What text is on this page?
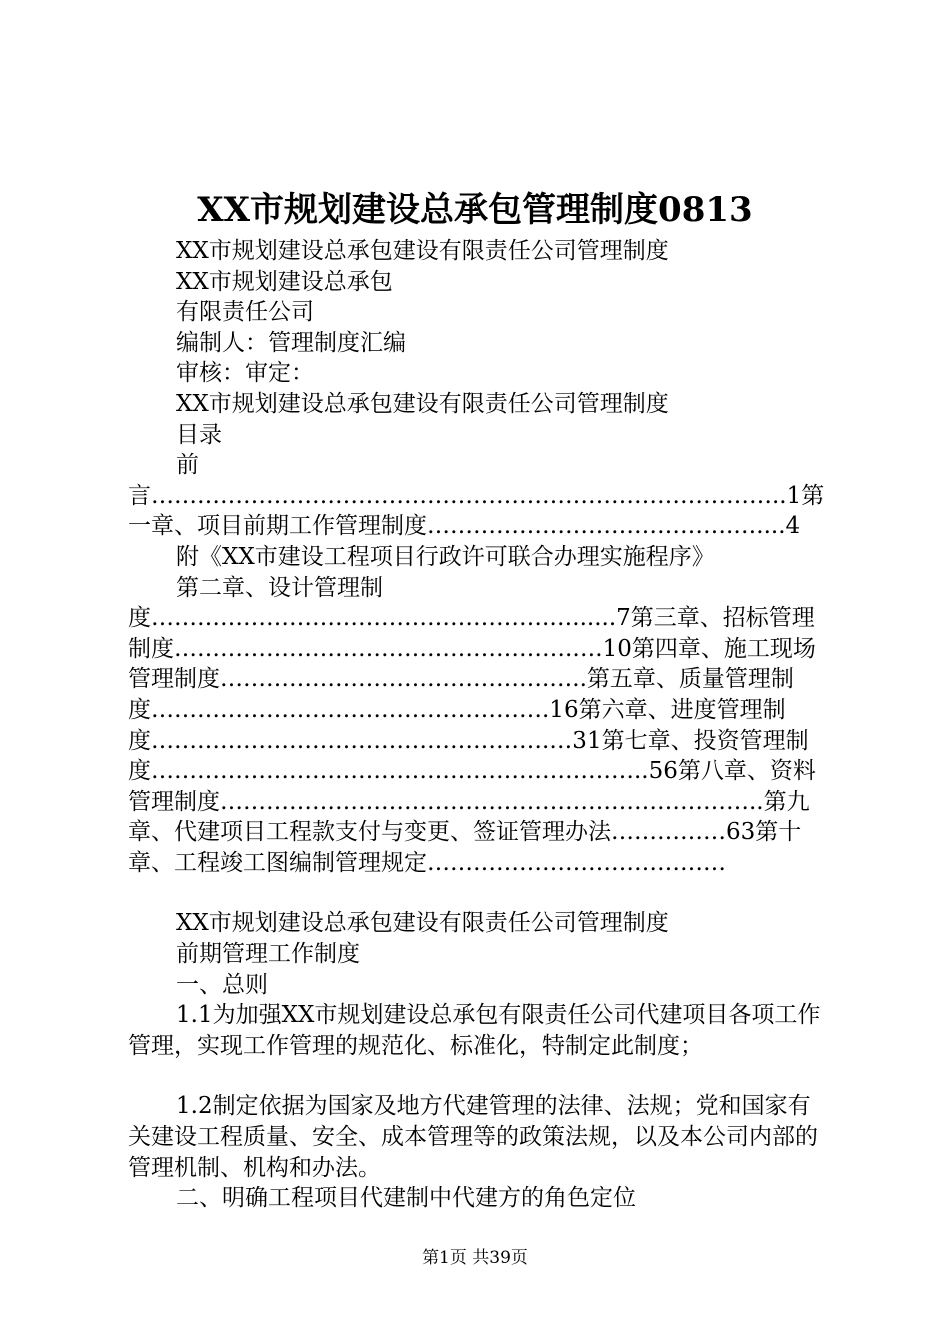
XX市规划建设总承包管理制度0813

XX市规划建设总承包建设有限责任公司管理制度

XX市规划建设总承包

有限责任公司

编制人：管理制度汇编

审核：审定：

XX市规划建设总承包建设有限责任公司管理制度

目录

前言………………………………………………………………………..1第一章、项目前期工作管理制度………………………………….…....4

附《XX市建设工程项目行政许可联合办理实施程序》

第二章、设计管理制度…………………………………………….…......7第三章、招标管理制度…………………………………………….….10第四章、施工现场管理制度…………………………………….…..第五章、质量管理制度…………………………………………….16第六章、进度管理制度…………………………………………….…31第七章、投资管理制度………………………………………………………..56第八章、资料管理制度……………………………………………………………..第九章、代建项目工程款支付与变更、签证管理办法……………63第十章、工程竣工图编制管理规定…………………………………

XX市规划建设总承包建设有限责任公司管理制度

前期管理工作制度

一、总则

1.1为加强XX市规划建设总承包有限责任公司代建项目各项工作管理，实现工作管理的规范化、标准化，特制定此制度；

1.2制定依据为国家及地方代建管理的法律、法规；党和国家有关建设工程质量、安全、成本管理等的政策法规，以及本公司内部的管理机制、机构和办法。

二、明确工程项目代建制中代建方的角色定位

第1页 共39页
